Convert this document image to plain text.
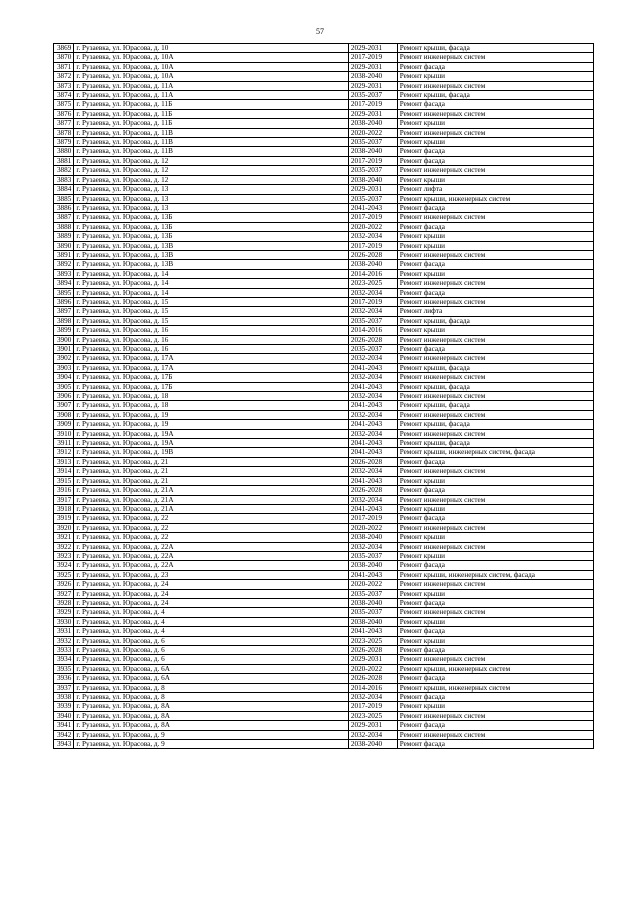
57
3869	г. Рузаевка, ул. Юрасова, д. 10	2029-2031	Ремонт крыши, фасада
3870	г. Рузаевка, ул. Юрасова, д. 10А	2017-2019	Ремонт инженерных систем
3871	г. Рузаевка, ул. Юрасова, д. 10А	2029-2031	Ремонт фасада
3872	г. Рузаевка, ул. Юрасова, д. 10А	2038-2040	Ремонт крыши
3873	г. Рузаевка, ул. Юрасова, д. 11А	2029-2031	Ремонт инженерных систем
3874	г. Рузаевка, ул. Юрасова, д. 11А	2035-2037	Ремонт крыши, фасада
3875	г. Рузаевка, ул. Юрасова, д. 11Б	2017-2019	Ремонт фасада
3876	г. Рузаевка, ул. Юрасова, д. 11Б	2029-2031	Ремонт инженерных систем
3877	г. Рузаевка, ул. Юрасова, д. 11Б	2038-2040	Ремонт крыши
3878	г. Рузаевка, ул. Юрасова, д. 11В	2020-2022	Ремонт инженерных систем
3879	г. Рузаевка, ул. Юрасова, д. 11В	2035-2037	Ремонт крыши
3880	г. Рузаевка, ул. Юрасова, д. 11В	2038-2040	Ремонт фасада
3881	г. Рузаевка, ул. Юрасова, д. 12	2017-2019	Ремонт фасада
3882	г. Рузаевка, ул. Юрасова, д. 12	2035-2037	Ремонт инженерных систем
3883	г. Рузаевка, ул. Юрасова, д. 12	2038-2040	Ремонт крыши
3884	г. Рузаевка, ул. Юрасова, д. 13	2029-2031	Ремонт лифта
3885	г. Рузаевка, ул. Юрасова, д. 13	2035-2037	Ремонт крыши, инженерных систем
3886	г. Рузаевка, ул. Юрасова, д. 13	2041-2043	Ремонт фасада
3887	г. Рузаевка, ул. Юрасова, д. 13Б	2017-2019	Ремонт инженерных систем
3888	г. Рузаевка, ул. Юрасова, д. 13Б	2020-2022	Ремонт фасада
3889	г. Рузаевка, ул. Юрасова, д. 13Б	2032-2034	Ремонт крыши
3890	г. Рузаевка, ул. Юрасова, д. 13В	2017-2019	Ремонт крыши
3891	г. Рузаевка, ул. Юрасова, д. 13В	2026-2028	Ремонт инженерных систем
3892	г. Рузаевка, ул. Юрасова, д. 13В	2038-2040	Ремонт фасада
3893	г. Рузаевка, ул. Юрасова, д. 14	2014-2016	Ремонт крыши
3894	г. Рузаевка, ул. Юрасова, д. 14	2023-2025	Ремонт инженерных систем
3895	г. Рузаевка, ул. Юрасова, д. 14	2032-2034	Ремонт фасада
3896	г. Рузаевка, ул. Юрасова, д. 15	2017-2019	Ремонт инженерных систем
3897	г. Рузаевка, ул. Юрасова, д. 15	2032-2034	Ремонт лифта
3898	г. Рузаевка, ул. Юрасова, д. 15	2035-2037	Ремонт крыши, фасада
3899	г. Рузаевка, ул. Юрасова, д. 16	2014-2016	Ремонт крыши
3900	г. Рузаевка, ул. Юрасова, д. 16	2026-2028	Ремонт инженерных систем
3901	г. Рузаевка, ул. Юрасова, д. 16	2035-2037	Ремонт фасада
3902	г. Рузаевка, ул. Юрасова, д. 17А	2032-2034	Ремонт инженерных систем
3903	г. Рузаевка, ул. Юрасова, д. 17А	2041-2043	Ремонт крыши, фасада
3904	г. Рузаевка, ул. Юрасова, д. 17Б	2032-2034	Ремонт инженерных систем
3905	г. Рузаевка, ул. Юрасова, д. 17Б	2041-2043	Ремонт крыши, фасада
3906	г. Рузаевка, ул. Юрасова, д. 18	2032-2034	Ремонт инженерных систем
3907	г. Рузаевка, ул. Юрасова, д. 18	2041-2043	Ремонт крыши, фасада
3908	г. Рузаевка, ул. Юрасова, д. 19	2032-2034	Ремонт инженерных систем
3909	г. Рузаевка, ул. Юрасова, д. 19	2041-2043	Ремонт крыши, фасада
3910	г. Рузаевка, ул. Юрасова, д. 19А	2032-2034	Ремонт инженерных систем
3911	г. Рузаевка, ул. Юрасова, д. 19А	2041-2043	Ремонт крыши, фасада
3912	г. Рузаевка, ул. Юрасова, д. 19В	2041-2043	Ремонт крыши, инженерных систем, фасада
3913	г. Рузаевка, ул. Юрасова, д. 21	2026-2028	Ремонт фасада
3914	г. Рузаевка, ул. Юрасова, д. 21	2032-2034	Ремонт инженерных систем
3915	г. Рузаевка, ул. Юрасова, д. 21	2041-2043	Ремонт крыши
3916	г. Рузаевка, ул. Юрасова, д. 21А	2026-2028	Ремонт фасада
3917	г. Рузаевка, ул. Юрасова, д. 21А	2032-2034	Ремонт инженерных систем
3918	г. Рузаевка, ул. Юрасова, д. 21А	2041-2043	Ремонт крыши
3919	г. Рузаевка, ул. Юрасова, д. 22	2017-2019	Ремонт фасада
3920	г. Рузаевка, ул. Юрасова, д. 22	2020-2022	Ремонт инженерных систем
3921	г. Рузаевка, ул. Юрасова, д. 22	2038-2040	Ремонт крыши
3922	г. Рузаевка, ул. Юрасова, д. 22А	2032-2034	Ремонт инженерных систем
3923	г. Рузаевка, ул. Юрасова, д. 22А	2035-2037	Ремонт крыши
3924	г. Рузаевка, ул. Юрасова, д. 22А	2038-2040	Ремонт фасада
3925	г. Рузаевка, ул. Юрасова, д. 23	2041-2043	Ремонт крыши, инженерных систем, фасада
3926	г. Рузаевка, ул. Юрасова, д. 24	2020-2022	Ремонт инженерных систем
3927	г. Рузаевка, ул. Юрасова, д. 24	2035-2037	Ремонт крыши
3928	г. Рузаевка, ул. Юрасова, д. 24	2038-2040	Ремонт фасада
3929	г. Рузаевка, ул. Юрасова, д. 4	2035-2037	Ремонт инженерных систем
3930	г. Рузаевка, ул. Юрасова, д. 4	2038-2040	Ремонт крыши
3931	г. Рузаевка, ул. Юрасова, д. 4	2041-2043	Ремонт фасада
3932	г. Рузаевка, ул. Юрасова, д. 6	2023-2025	Ремонт крыши
3933	г. Рузаевка, ул. Юрасова, д. 6	2026-2028	Ремонт фасада
3934	г. Рузаевка, ул. Юрасова, д. 6	2029-2031	Ремонт инженерных систем
3935	г. Рузаевка, ул. Юрасова, д. 6А	2020-2022	Ремонт крыши, инженерных систем
3936	г. Рузаевка, ул. Юрасова, д. 6А	2026-2028	Ремонт фасада
3937	г. Рузаевка, ул. Юрасова, д. 8	2014-2016	Ремонт крыши, инженерных систем
3938	г. Рузаевка, ул. Юрасова, д. 8	2032-2034	Ремонт фасада
3939	г. Рузаевка, ул. Юрасова, д. 8А	2017-2019	Ремонт крыши
3940	г. Рузаевка, ул. Юрасова, д. 8А	2023-2025	Ремонт инженерных систем
3941	г. Рузаевка, ул. Юрасова, д. 8А	2029-2031	Ремонт фасада
3942	г. Рузаевка, ул. Юрасова, д. 9	2032-2034	Ремонт инженерных систем
3943	г. Рузаевка, ул. Юрасова, д. 9	2038-2040	Ремонт фасада
